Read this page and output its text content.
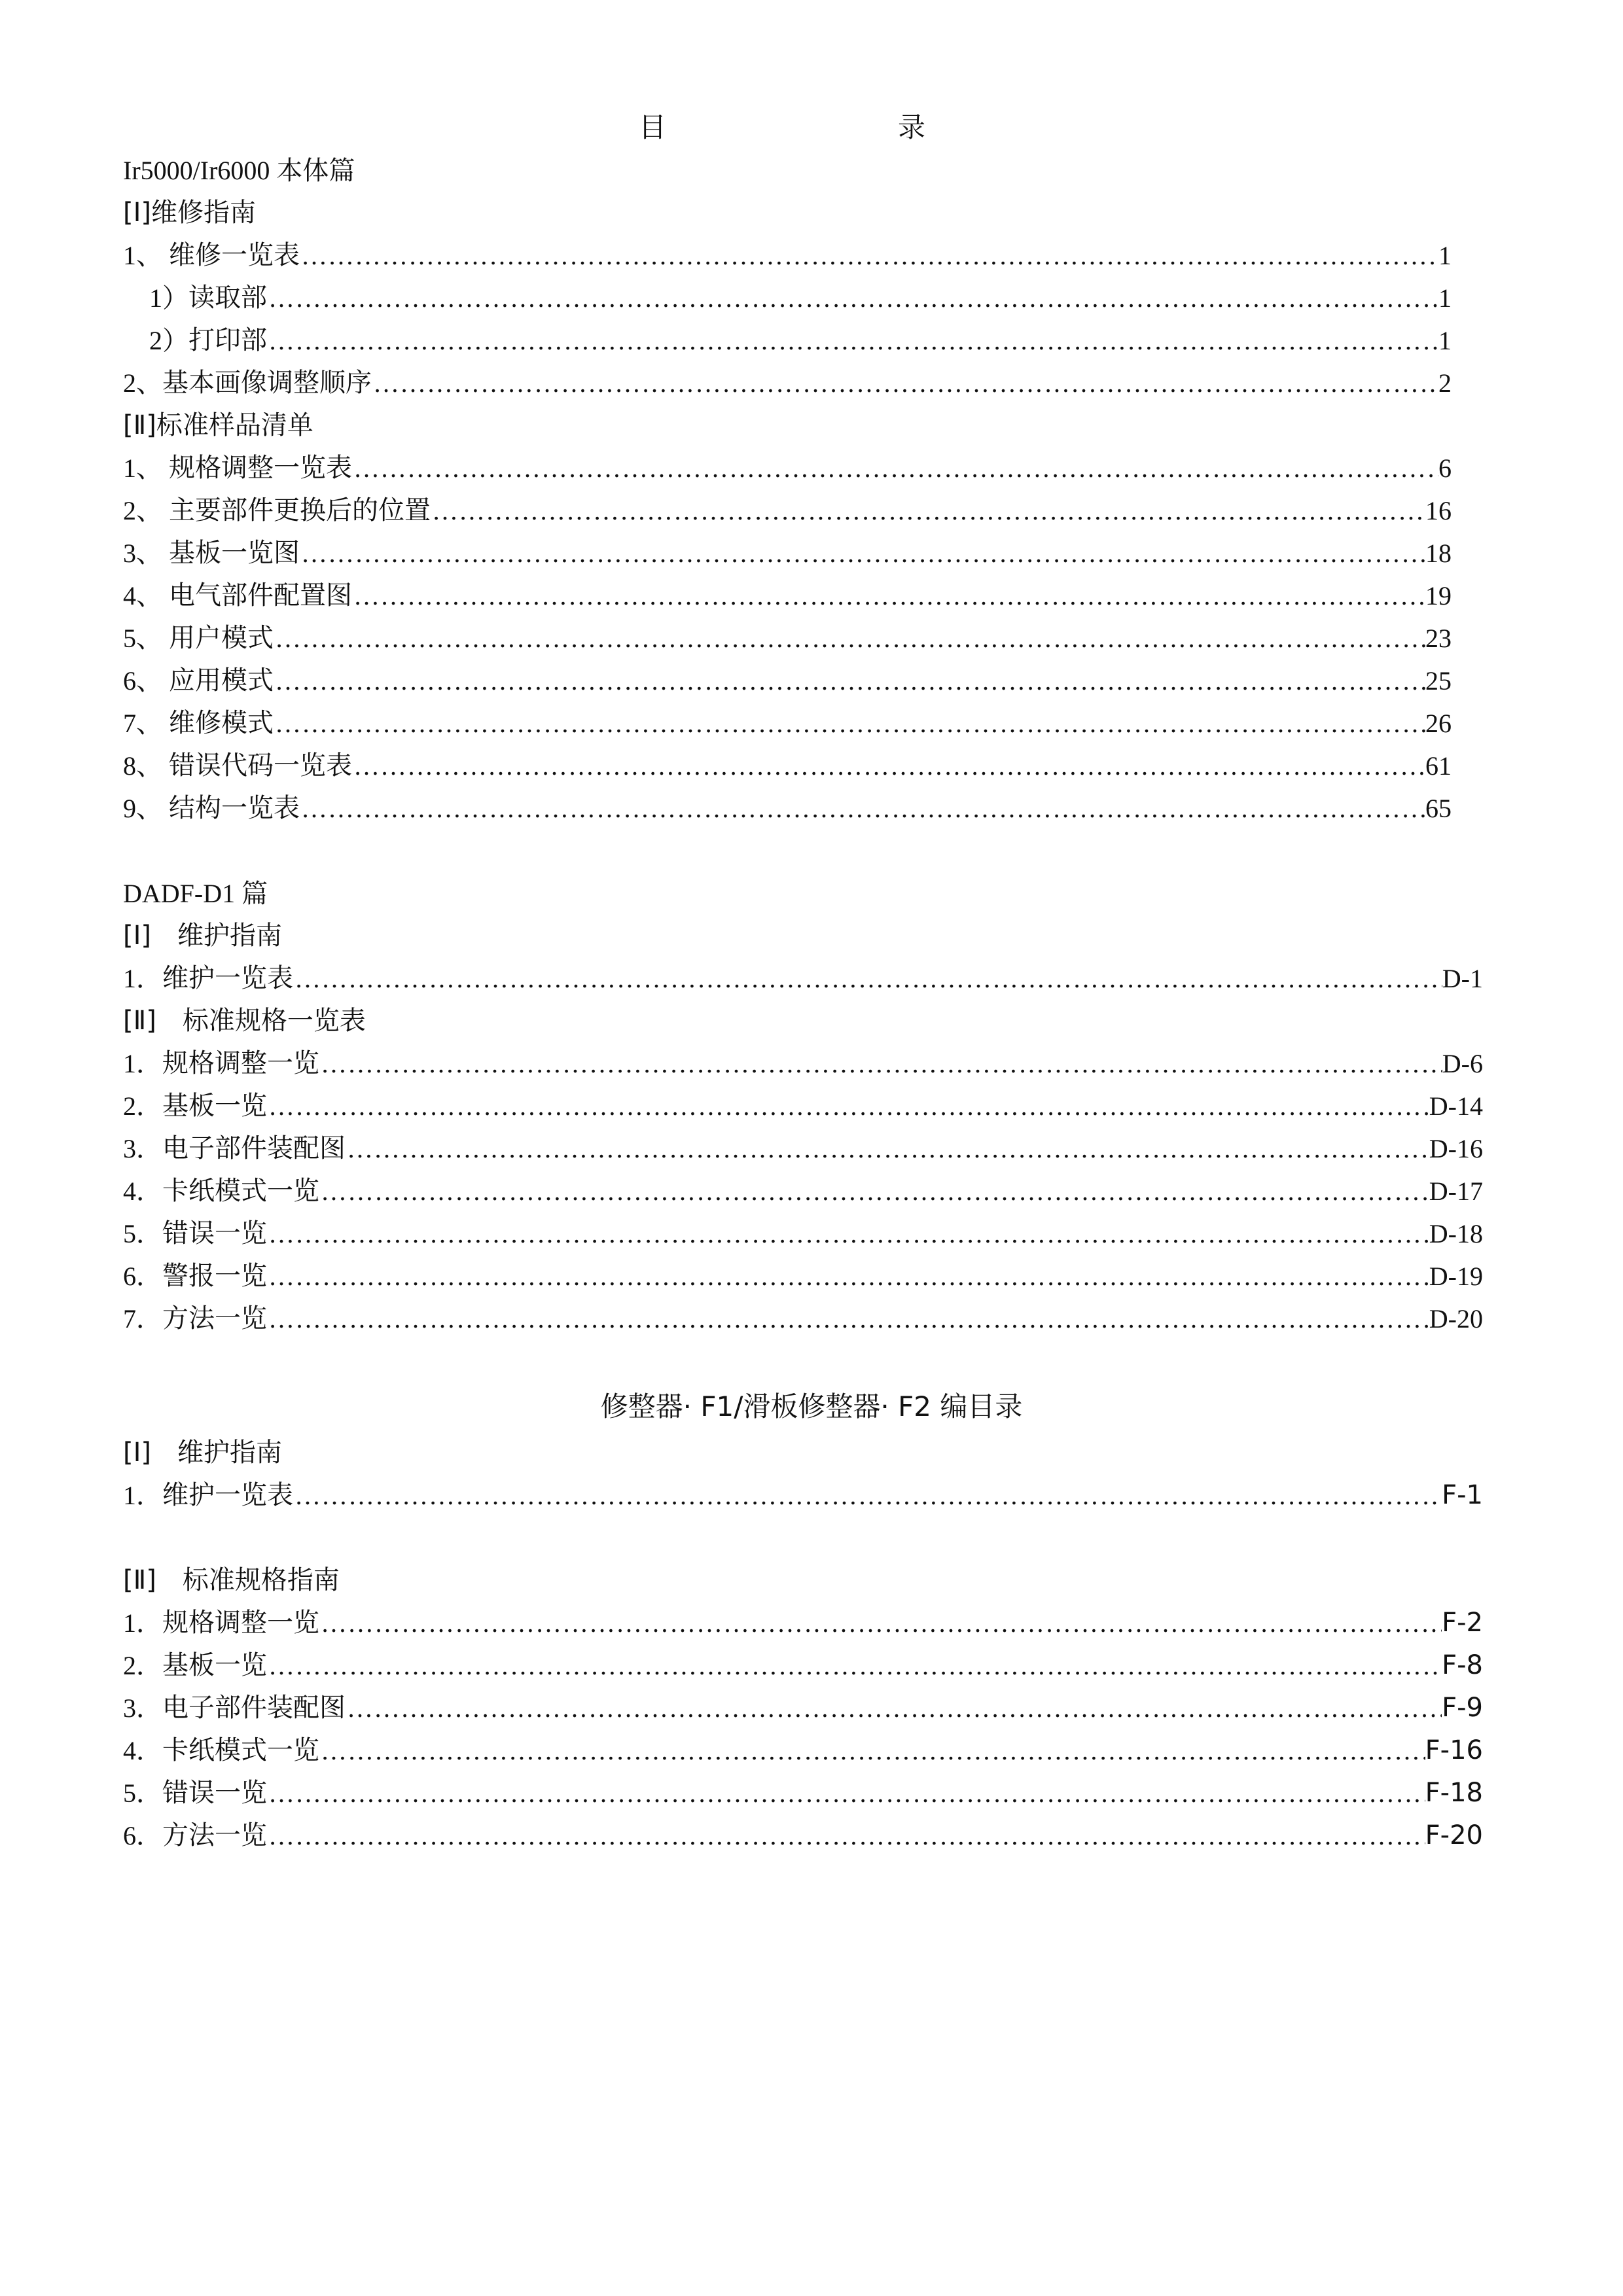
目　　录
Ir5000/Ir6000 本体篇
[Ⅰ]维修指南
1、 维修一览表 ……………………………………………………………………………………………………………………………………………………………………………………………………………………………………………………………………	1
1） 读取部 ……………………………………………………………………………………………………………………………………………………………………………………………………………………………………………………………………	1
2） 打印部 ……………………………………………………………………………………………………………………………………………………………………………………………………………………………………………………………………	1
2、 基本画像调整顺序 ……………………………………………………………………………………………………………………………………………………………………………………………………………………………………………………………………	2
[Ⅱ]标准样品清单
1、 规格调整一览表 ……………………………………………………………………………………………………………………………………………………………………………………………………………………………………………………………………	6
2、 主要部件更换后的位置 ……………………………………………………………………………………………………………………………………………………………………………………………………………………………………………………………………	16
3、 基板一览图 ……………………………………………………………………………………………………………………………………………………………………………………………………………………………………………………………………	18
4、 电气部件配置图 ……………………………………………………………………………………………………………………………………………………………………………………………………………………………………………………………………	19
5、 用户模式 ……………………………………………………………………………………………………………………………………………………………………………………………………………………………………………………………………	23
6、 应用模式 ……………………………………………………………………………………………………………………………………………………………………………………………………………………………………………………………………	25
7、 维修模式 ……………………………………………………………………………………………………………………………………………………………………………………………………………………………………………………………………	26
8、 错误代码一览表 ……………………………………………………………………………………………………………………………………………………………………………………………………………………………………………………………………	61
9、 结构一览表 ……………………………………………………………………………………………………………………………………………………………………………………………………………………………………………………………………	65
DADF-D1 篇
[Ⅰ]　维护指南
1． 维护一览表 ……………………………………………………………………………………………………………………………………………………………………………………………………………………………………………………………………	D-1
[Ⅱ]　标准规格一览表
1． 规格调整一览 ……………………………………………………………………………………………………………………………………………………………………………………………………………………………………………………………………	D-6
2． 基板一览 ……………………………………………………………………………………………………………………………………………………………………………………………………………………………………………………………………	D-14
3． 电子部件装配图 ……………………………………………………………………………………………………………………………………………………………………………………………………………………………………………………………………	D-16
4． 卡纸模式一览 ……………………………………………………………………………………………………………………………………………………………………………………………………………………………………………………………………	D-17
5． 错误一览 ……………………………………………………………………………………………………………………………………………………………………………………………………………………………………………………………………	D-18
6． 警报一览 ……………………………………………………………………………………………………………………………………………………………………………………………………………………………………………………………………	D-19
7． 方法一览 ……………………………………………………………………………………………………………………………………………………………………………………………………………………………………………………………………	D-20
修整器· F1/滑板修整器· F2 编目录
[Ⅰ]　维护指南
1． 维护一览表 ……………………………………………………………………………………………………………………………………………………………………………………………………………………………………………………………………	F-1
[Ⅱ]　标准规格指南
1． 规格调整一览 ……………………………………………………………………………………………………………………………………………………………………………………………………………………………………………………………………	F-2
2． 基板一览 ……………………………………………………………………………………………………………………………………………………………………………………………………………………………………………………………………	F-8
3． 电子部件装配图 ……………………………………………………………………………………………………………………………………………………………………………………………………………………………………………………………………	F-9
4． 卡纸模式一览 ……………………………………………………………………………………………………………………………………………………………………………………………………………………………………………………………………	F-16
5． 错误一览 ……………………………………………………………………………………………………………………………………………………………………………………………………………………………………………………………………	F-18
6． 方法一览 ……………………………………………………………………………………………………………………………………………………………………………………………………………………………………………………………………	F-20
